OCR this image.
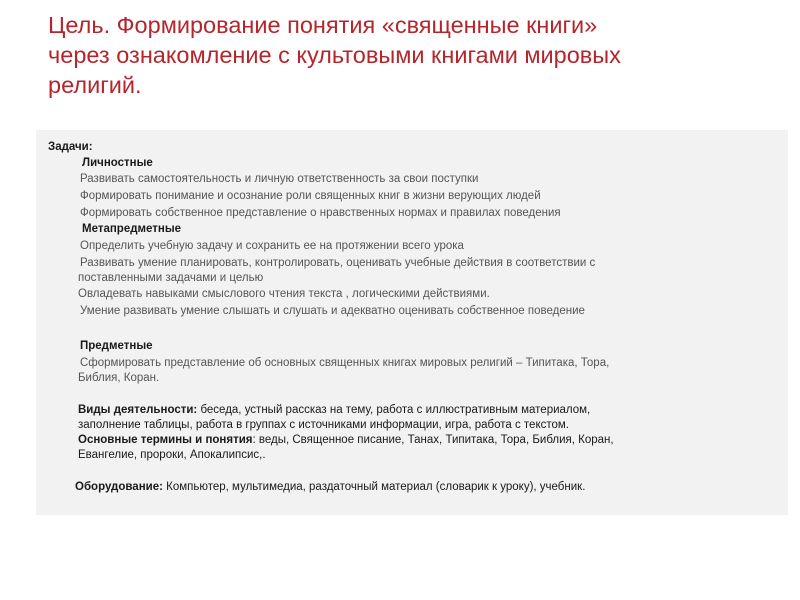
Цель. Формирование понятия «священные книги»
через ознакомление с культовыми книгами мировых
религий.
Задачи:
Личностные
Развивать самостоятельность и личную ответственность за свои поступки
Формировать понимание и осознание роли священных книг в жизни верующих людей
Формировать собственное представление о нравственных нормах и правилах поведения
Метапредметные
Определить учебную задачу и сохранить ее на протяжении всего урока
Развивать умение планировать, контролировать, оценивать учебные действия в соответствии с
поставленными задачами и целью
Овладевать навыками смыслового чтения текста , логическими действиями.
Умение развивать умение слышать и слушать и адекватно оценивать собственное поведение
Предметные
Сформировать представление об основных священных книгах мировых религий – Типитака, Тора,
Библия, Коран.
Виды деятельности: беседа, устный рассказ на тему, работа с иллюстративным материалом,
заполнение таблицы, работа в группах с источниками информации, игра, работа с текстом.
Основные термины и понятия: веды, Священное писание, Танах, Типитака, Тора, Библия, Коран,
Евангелие, пророки, Апокалипсис,.
Оборудование: Компьютер, мультимедиа, раздаточный материал (словарик к уроку), учебник.
